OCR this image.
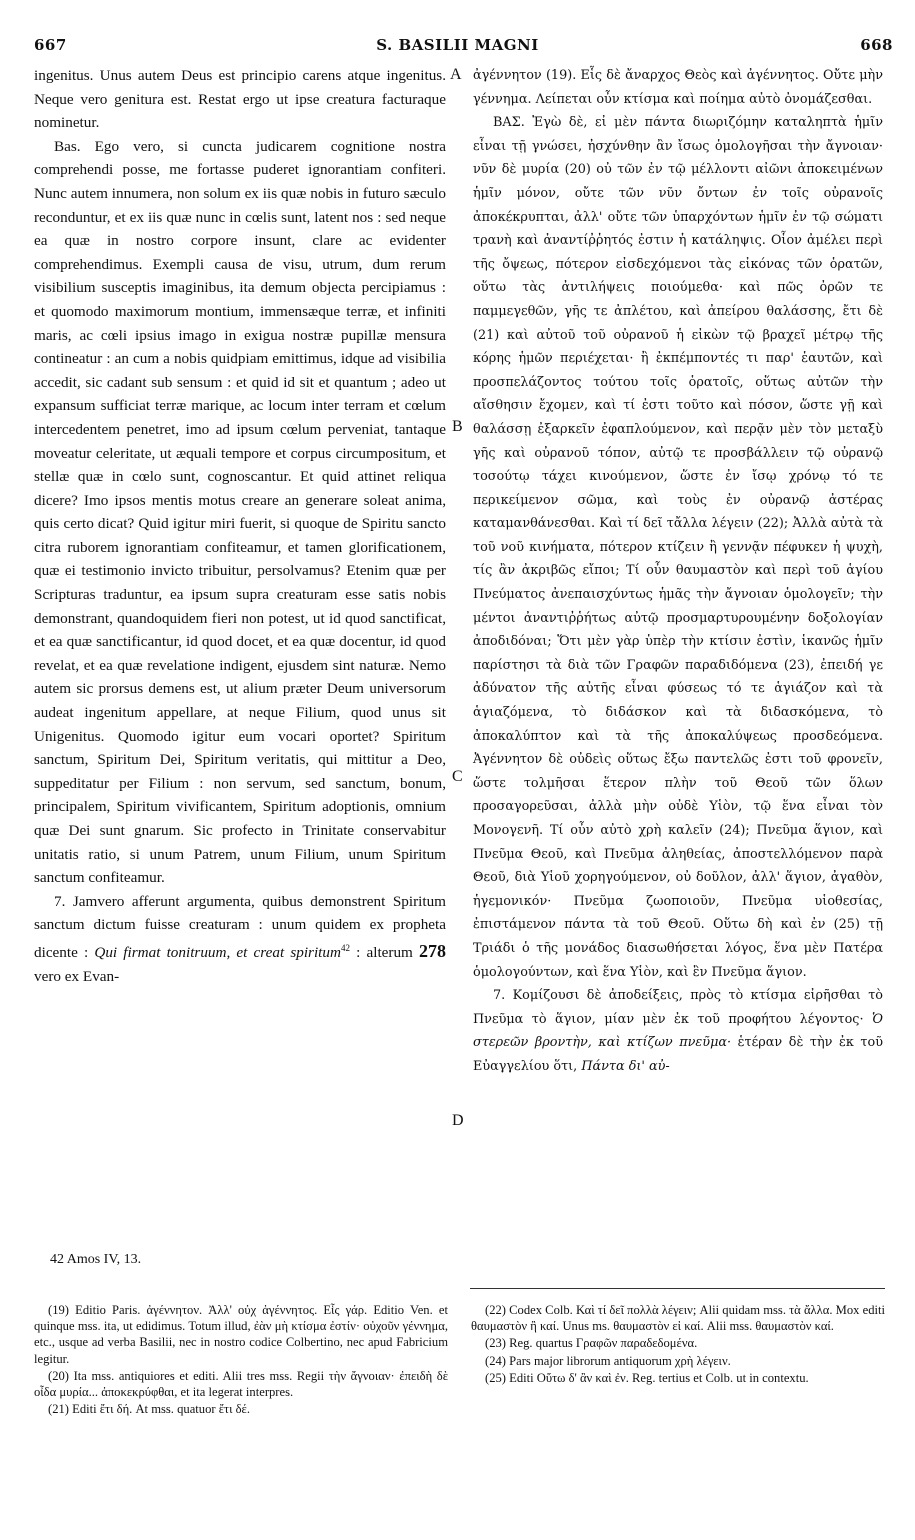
667	S. BASILII MAGNI	668

ingenitus. Unus autem Deus est principio carens atque ingenitus. Neque vero genitura est. Restat ergo ut ipse creatura facturaque nominetur.

Bas. Ego vero, si cuncta judicarem cognitione nostra comprehendi posse, me fortasse puderet ignorantiam confiteri. Nunc autem innumera, non solum ex iis quæ nobis in futuro sæculo reconduntur, et ex iis quæ nunc in cœlis sunt, latent nos : sed neque ea quæ in nostro corpore insunt, clare ac evidenter comprehendimus. Exempli causa de visu, utrum, dum rerum visibilium susceptis imaginibus, ita demum objecta percipiamus : et quomodo maximorum montium, immensæque terræ, et infiniti maris, ac cœli ipsius imago in exigua nostræ pupillæ mensura contineatur : an cum a nobis quidpiam emittimus, idque ad visibilia accedit, sic cadant sub sensum : et quid id sit et quantum ; adeo ut expansum sufficiat terræ marique, ac locum inter terram et cœlum intercedentem penetret, imo ad ipsum cœlum perveniat, tantaque moveatur celeritate, ut æquali tempore et corpus circumpositum, et stellæ quæ in cœlo sunt, cognoscantur. Et quid attinet reliqua dicere? Imo ipsos mentis motus creare an generare soleat anima, quis certo dicat? Quid igitur miri fuerit, si quoque de Spiritu sancto citra ruborem ignorantiam confiteamur, et tamen glorificationem, quæ ei testimonio invicto tribuitur, persolvamus? Etenim quæ per Scripturas traduntur, ea ipsum supra creaturam esse satis nobis demonstrant, quandoquidem fieri non potest, ut id quod sanctificat, et ea quæ sanctificantur, id quod docet, et ea quæ docentur, id quod revelat, et ea quæ revelatione indigent, ejusdem sint naturæ. Nemo autem sic prorsus demens est, ut alium præter Deum universorum audeat ingenitum appellare, at neque Filium, quod unus sit Unigenitus. Quomodo igitur eum vocari oportet? Spiritum sanctum, Spiritum Dei, Spiritum veritatis, qui mittitur a Deo, suppeditatur per Filium : non servum, sed sanctum, bonum, principalem, Spiritum vivificantem, Spiritum adoptionis, omnium quæ Dei sunt gnarum. Sic profecto in Trinitate conservabitur unitatis ratio, si unum Patrem, unum Filium, unum Spiritum sanctum confiteamur.

7. Jamvero afferunt argumenta, quibus demonstrent Spiritum sanctum dictum fuisse creaturam : unum quidem ex propheta dicente : Qui firmat tonitruum, et creat spiritum$^{42}$ : alterum 278 vero ex Evan-

A
B
C
D

ἀγέννητον (19). Εἷς δὲ ἄναρχος Θεὸς καὶ ἀγέννητος. Οὔτε μὴν γέννημα. Λείπεται οὖν κτίσμα καὶ ποίημα αὐτὸ ὀνομάζεσθαι.

ΒΑΣ. Ἐγὼ δὲ, εἰ μὲν πάντα διωριζόμην καταληπτὰ ἡμῖν εἶναι τῇ γνώσει, ἠσχύνθην ἂν ἴσως ὁμολογῆσαι τὴν ἄγνοιαν· νῦν δὲ μυρία (20) οὐ τῶν ἐν τῷ μέλλοντι αἰῶνι ἀποκειμένων ἡμῖν μόνον, οὔτε τῶν νῦν ὄντων ἐν τοῖς οὐρανοῖς ἀποκέκρυπται, ἀλλ' οὔτε τῶν ὑπαρχόντων ἡμῖν ἐν τῷ σώματι τρανὴ καὶ ἀναντίῤῥητός ἐστιν ἡ κατάληψις. Οἷον ἀμέλει περὶ τῆς ὄψεως, πότερον εἰσδεχόμενοι τὰς εἰκόνας τῶν ὁρατῶν, οὕτω τὰς ἀντιλήψεις ποιούμεθα· καὶ πῶς ὀρῶν τε παμμεγεθῶν, γῆς τε ἀπλέτου, καὶ ἀπείρου θαλάσσης, ἔτι δὲ (21) καὶ αὐτοῦ τοῦ οὐρανοῦ ἡ εἰκὼν τῷ βραχεῖ μέτρῳ τῆς κόρης ἡμῶν περιέχεται· ἢ ἐκπέμποντές τι παρ' ἑαυτῶν, καὶ προσπελάζοντος τούτου τοῖς ὁρατοῖς, οὕτως αὐτῶν τὴν αἴσθησιν ἔχομεν, καὶ τί ἐστι τοῦτο καὶ πόσον, ὥστε γῇ καὶ θαλάσσῃ ἐξαρκεῖν ἐφαπλούμενον, καὶ περᾷν μὲν τὸν μεταξὺ γῆς καὶ οὐρανοῦ τόπον, αὐτῷ τε προσβάλλειν τῷ οὐρανῷ τοσούτῳ τάχει κινούμενον, ὥστε ἐν ἴσῳ χρόνῳ τό τε περικείμενον σῶμα, καὶ τοὺς ἐν οὐρανῷ ἀστέρας καταμανθάνεσθαι. Καὶ τί δεῖ τἄλλα λέγειν (22); Ἀλλὰ αὐτὰ τὰ τοῦ νοῦ κινήματα, πότερον κτίζειν ἢ γεννᾷν πέφυκεν ἡ ψυχὴ, τίς ἂν ἀκριβῶς εἴποι; Τί οὖν θαυμαστὸν καὶ περὶ τοῦ ἁγίου Πνεύματος ἀνεπαισχύντως ἡμᾶς τὴν ἄγνοιαν ὁμολογεῖν; τὴν μέντοι ἀναντιῤῥήτως αὐτῷ προσμαρτυρουμένην δοξολογίαν ἀποδιδόναι; Ὅτι μὲν γὰρ ὑπὲρ τὴν κτίσιν ἐστὶν, ἱκανῶς ἡμῖν παρίστησι τὰ διὰ τῶν Γραφῶν παραδιδόμενα (23), ἐπειδή γε ἀδύνατον τῆς αὐτῆς εἶναι φύσεως τό τε ἁγιάζον καὶ τὰ ἁγιαζόμενα, τὸ διδάσκον καὶ τὰ διδασκόμενα, τὸ ἀποκαλύπτον καὶ τὰ τῆς ἀποκαλύψεως προσδεόμενα. Ἀγέννητον δὲ οὐδεὶς οὕτως ἔξω παντελῶς ἐστι τοῦ φρονεῖν, ὥστε τολμῆσαι ἕτερον πλὴν τοῦ Θεοῦ τῶν ὅλων προσαγορεῦσαι, ἀλλὰ μὴν οὐδὲ Υἱὸν, τῷ ἕνα εἶναι τὸν Μονογενῆ. Τί οὖν αὐτὸ χρὴ καλεῖν (24); Πνεῦμα ἅγιον, καὶ Πνεῦμα Θεοῦ, καὶ Πνεῦμα ἀληθείας, ἀποστελλόμενον παρὰ Θεοῦ, διὰ Υἱοῦ χορηγούμενον, οὐ δοῦλον, ἀλλ' ἅγιον, ἀγαθὸν, ἡγεμονικόν· Πνεῦμα ζωοποιοῦν, Πνεῦμα υἱοθεσίας, ἐπιστάμενον πάντα τὰ τοῦ Θεοῦ. Οὕτω δὴ καὶ ἐν (25) τῇ Τριάδι ὁ τῆς μονάδος διασωθήσεται λόγος, ἕνα μὲν Πατέρα ὁμολογούντων, καὶ ἕνα Υἱὸν, καὶ ἓν Πνεῦμα ἅγιον.

7. Κομίζουσι δὲ ἀποδείξεις, πρὸς τὸ κτίσμα εἰρῆσθαι τὸ Πνεῦμα τὸ ἅγιον, μίαν μὲν ἐκ τοῦ προφήτου λέγοντος· Ὁ στερεῶν βροντὴν, καὶ κτίζων πνεῦμα· ἑτέραν δὲ τὴν ἐκ τοῦ Εὐαγγελίου ὅτι, Πάντα δι' αὐ-

42 Amos IV, 13.

(19) Editio Paris. ἀγέννητον. Ἀλλ' οὐχ ἀγέννητος. Εἷς γάρ. Editio Ven. et quinque mss. ita, ut edidimus. Totum illud, ἐὰν μὴ κτίσμα ἐστίν· οὐχοῦν γέννημα, etc., usque ad verba Basilii, nec in nostro codice Colbertino, nec apud Fabricium legitur.

(20) Ita mss. antiquiores et editi. Alii tres mss. Regii τὴν ἄγνοιαν· ἐπειδὴ δὲ οἶδα μυρία... ἀποκεκρύφθαι, et ita legerat interpres.

(21) Editi ἔτι δή. At mss. quatuor ἔτι δέ.

(22) Codex Colb. Καὶ τί δεῖ πολλὰ λέγειν; Alii quidam mss. τὰ ἄλλα. Mox editi θαυμαστὸν ἢ καί. Unus ms. θαυμαστὸν εἰ καί. Alii mss. θαυμαστὸν καί.

(23) Reg. quartus Γραφῶν παραδεδομένα.

(24) Pars major librorum antiquorum χρὴ λέγειν.

(25) Editi Οὕτω δ' ἂν καὶ ἐν. Reg. tertius et Colb. ut in contextu.
